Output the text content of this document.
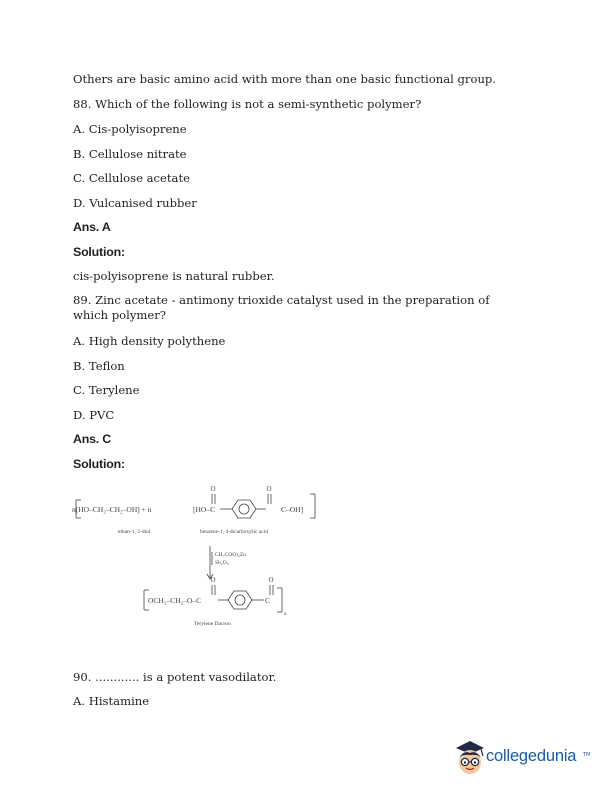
Others are basic amino acid with more than one basic functional group.
88. Which of the following is not a semi-synthetic polymer?
A. Cis-polyisoprene
B. Cellulose nitrate
C. Cellulose acetate
D. Vulcanised rubber
Ans. A
Solution:
cis-polyisoprene is natural rubber.
89. Zinc acetate - antimony trioxide catalyst used in the preparation of which polymer?
A. High density polythene
B. Teflon
C. Terylene
D. PVC
Ans. C
Solution:
O	O
O	O
n[HO–CH₂–CH₂–OH] + n	[HO–C	C–OH]
ethan-1, 2-diol	benzene-1, 4-dicarboxylic acid
CH₃COO)₂Zn
Sb₂O₃
OCH₂–CH₂–O–C	C
n
Terylene Dacron
90. ............ is a potent vasodilator.
A. Histamine
collegedunia TM
